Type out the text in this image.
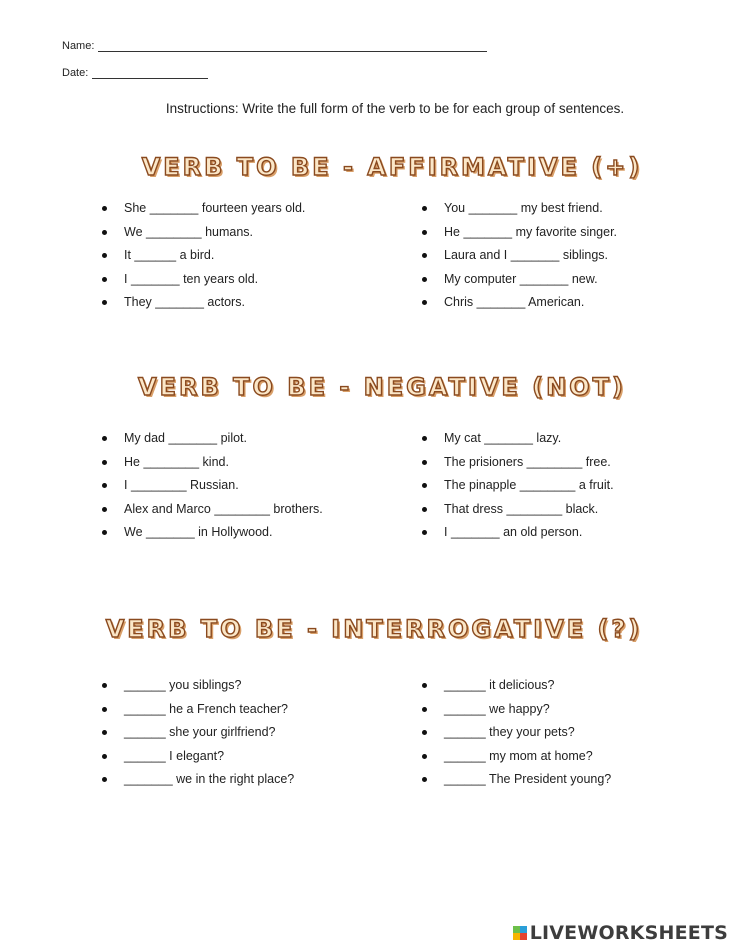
Name:
Date:
Instructions: Write the full form of the verb to be for each group of sentences.
VERB TO BE - AFFIRMATIVE (+)
She _______ fourteen years old.
We ________ humans.
It ______ a bird.
I _______ ten years old.
They _______ actors.
You _______ my best friend.
He _______ my favorite singer.
Laura and I _______ siblings.
My computer _______ new.
Chris _______ American.
VERB TO BE - NEGATIVE (NOT)
My dad _______ pilot.
He ________ kind.
I ________ Russian.
Alex and Marco ________ brothers.
We _______ in Hollywood.
My cat _______ lazy.
The prisioners ________ free.
The pinapple ________ a fruit.
That dress ________ black.
I _______ an old person.
VERB TO BE - INTERROGATIVE (?)
______ you siblings?
______ he a French teacher?
______ she your girlfriend?
______ I elegant?
_______ we in the right place?
______ it delicious?
______ we happy?
______ they your pets?
______ my mom at home?
______ The President young?
LIVEWORKSHEETS
